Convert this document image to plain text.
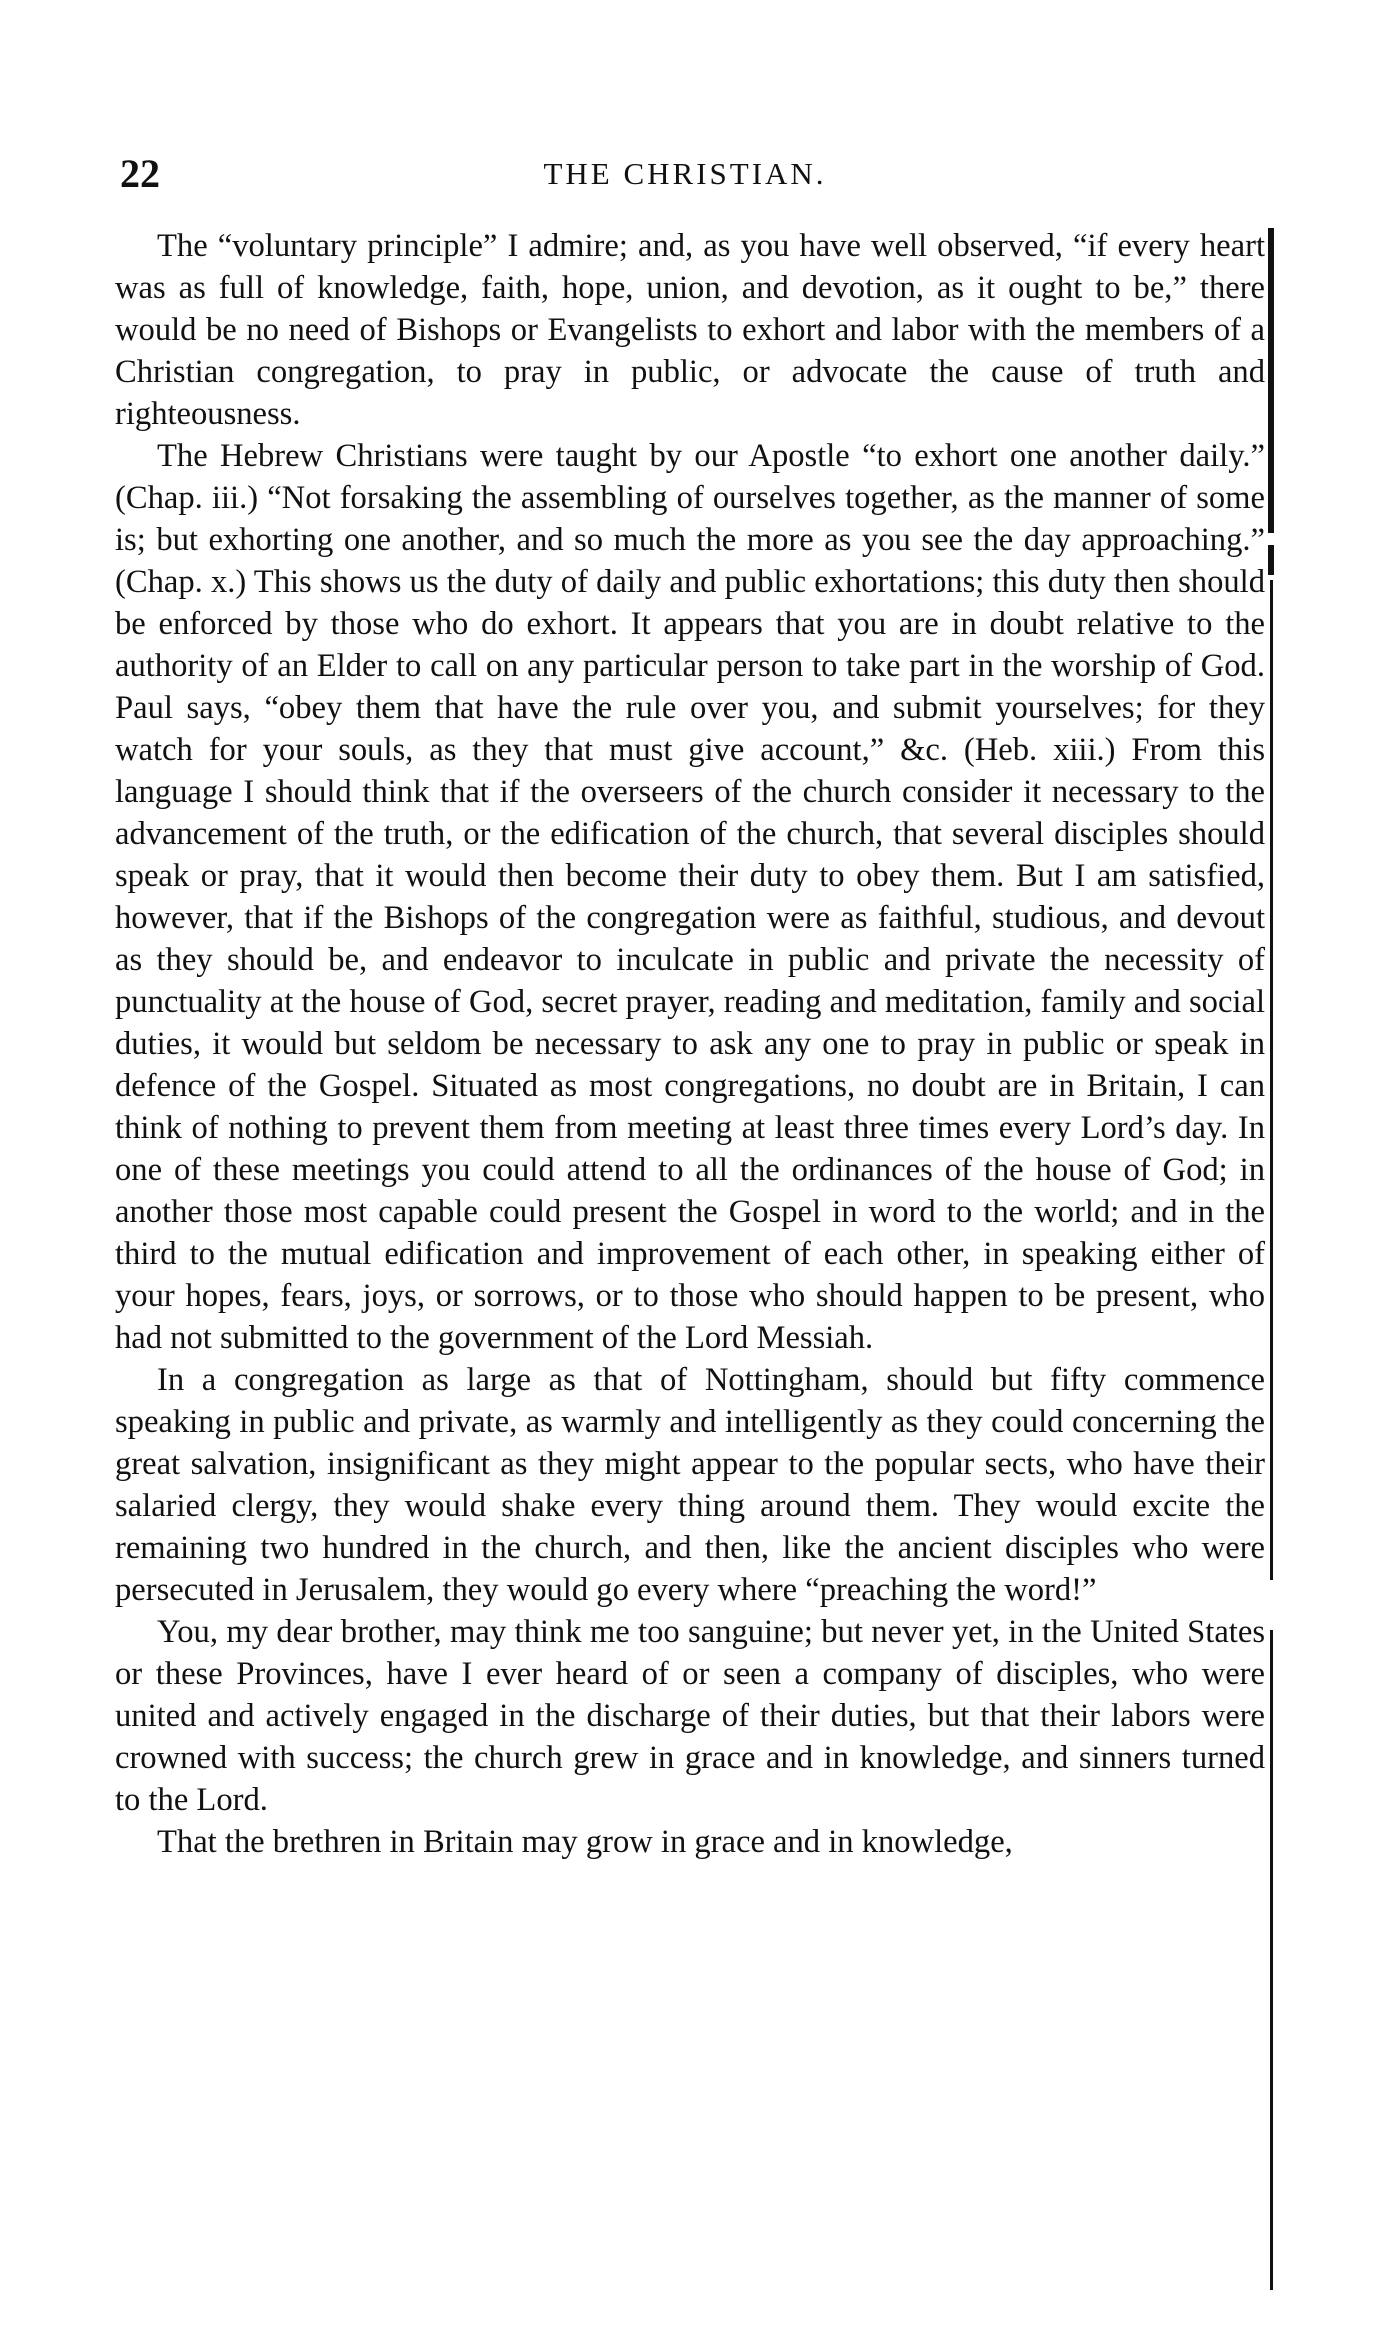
22	THE CHRISTIAN.

The “voluntary principle” I admire; and, as you have well observed, “if every heart was as full of knowledge, faith, hope, union, and devotion, as it ought to be,” there would be no need of Bishops or Evangelists to exhort and labor with the members of a Christian congregation, to pray in public, or advocate the cause of truth and righteousness.

The Hebrew Christians were taught by our Apostle “to exhort one another daily.” (Chap. iii.) “Not forsaking the assembling of ourselves together, as the manner of some is; but exhorting one another, and so much the more as you see the day approaching.” (Chap. x.) This shows us the duty of daily and public exhortations; this duty then should be enforced by those who do exhort. It appears that you are in doubt relative to the authority of an Elder to call on any particular person to take part in the worship of God. Paul says, “obey them that have the rule over you, and submit yourselves; for they watch for your souls, as they that must give account,” &c. (Heb. xiii.) From this language I should think that if the overseers of the church consider it necessary to the advancement of the truth, or the edification of the church, that several disciples should speak or pray, that it would then become their duty to obey them. But I am satisfied, however, that if the Bishops of the congregation were as faithful, studious, and devout as they should be, and endeavor to inculcate in public and private the necessity of punctuality at the house of God, secret prayer, reading and meditation, family and social duties, it would but seldom be necessary to ask any one to pray in public or speak in defence of the Gospel. Situated as most congregations, no doubt are in Britain, I can think of nothing to prevent them from meeting at least three times every Lord’s day. In one of these meetings you could attend to all the ordinances of the house of God; in another those most capable could present the Gospel in word to the world; and in the third to the mutual edification and improvement of each other, in speaking either of your hopes, fears, joys, or sorrows, or to those who should happen to be present, who had not submitted to the government of the Lord Messiah.

In a congregation as large as that of Nottingham, should but fifty commence speaking in public and private, as warmly and intelligently as they could concerning the great salvation, insignificant as they might appear to the popular sects, who have their salaried clergy, they would shake every thing around them. They would excite the remaining two hundred in the church, and then, like the ancient disciples who were persecuted in Jerusalem, they would go every where “preaching the word!”

You, my dear brother, may think me too sanguine; but never yet, in the United States or these Provinces, have I ever heard of or seen a company of disciples, who were united and actively engaged in the discharge of their duties, but that their labors were crowned with success; the church grew in grace and in knowledge, and sinners turned to the Lord.

That the brethren in Britain may grow in grace and in knowledge,
